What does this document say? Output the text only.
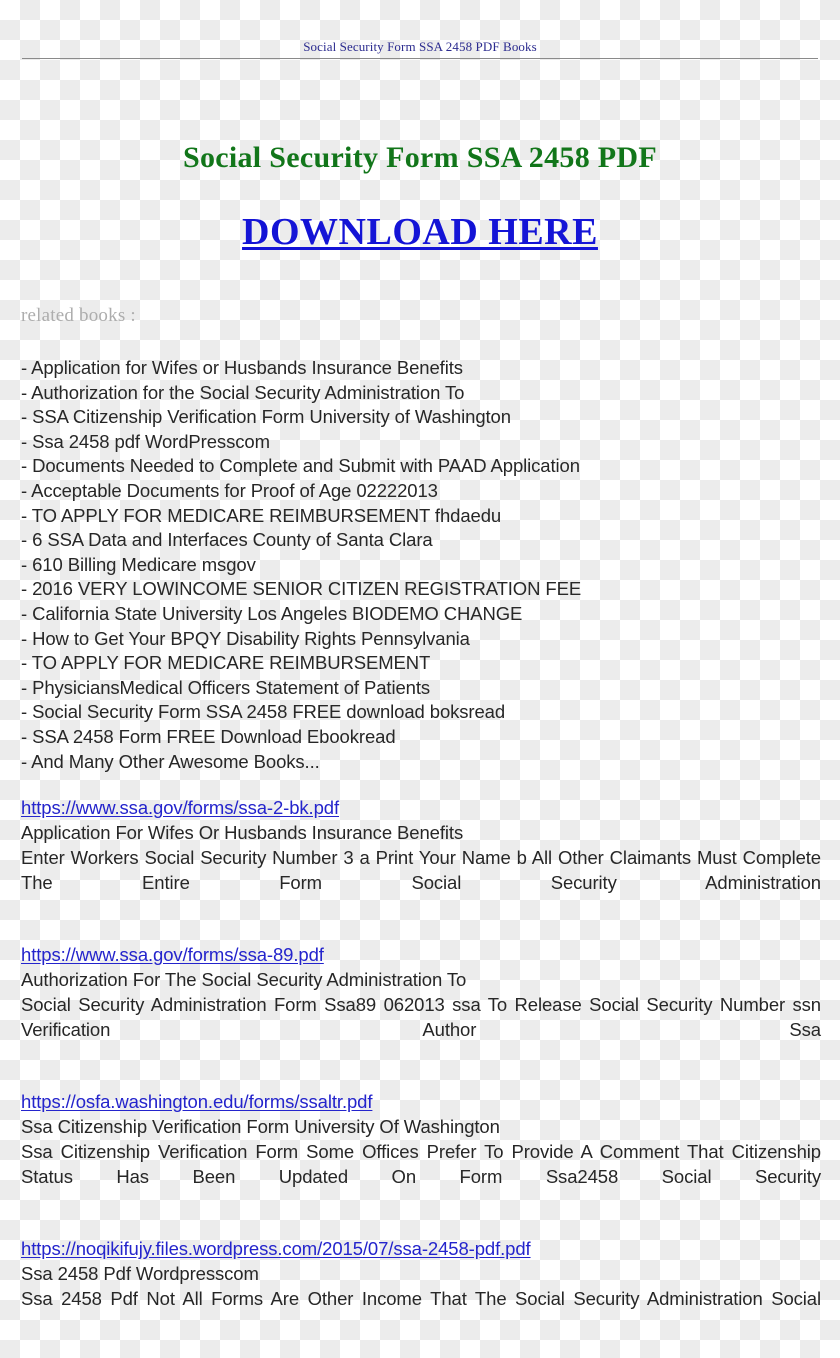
Social Security Form SSA 2458 PDF Books
Social Security Form SSA 2458 PDF
DOWNLOAD HERE
related books :
- Application for Wifes or Husbands Insurance Benefits
- Authorization for the Social Security Administration To
- SSA Citizenship Verification Form University of Washington
- Ssa 2458 pdf WordPresscom
- Documents Needed to Complete and Submit with PAAD Application
- Acceptable Documents for Proof of Age 02222013
- TO APPLY FOR MEDICARE REIMBURSEMENT fhdaedu
- 6 SSA Data and Interfaces County of Santa Clara
- 610 Billing Medicare msgov
- 2016 VERY LOWINCOME SENIOR CITIZEN REGISTRATION FEE
- California State University Los Angeles BIODEMO CHANGE
- How to Get Your BPQY Disability Rights Pennsylvania
- TO APPLY FOR MEDICARE REIMBURSEMENT
- PhysiciansMedical Officers Statement of Patients
- Social Security Form SSA 2458 FREE download boksread
- SSA 2458 Form FREE Download Ebookread
- And Many Other Awesome Books...
https://www.ssa.gov/forms/ssa-2-bk.pdf
Application For Wifes Or Husbands Insurance Benefits
Enter Workers Social Security Number 3 a Print Your Name b All Other Claimants Must Complete The Entire Form Social Security Administration
https://www.ssa.gov/forms/ssa-89.pdf
Authorization For The Social Security Administration To
Social Security Administration Form Ssa89 062013 ssa To Release Social Security Number ssn Verification Author Ssa
https://osfa.washington.edu/forms/ssaltr.pdf
Ssa Citizenship Verification Form University Of Washington
Ssa Citizenship Verification Form Some Offices Prefer To Provide A Comment That Citizenship Status Has Been Updated On Form Ssa2458 Social Security
https://noqikifujy.files.wordpress.com/2015/07/ssa-2458-pdf.pdf
Ssa 2458 Pdf Wordpresscom
Ssa 2458 Pdf Not All Forms Are Other Income That The Social Security Administration Social
